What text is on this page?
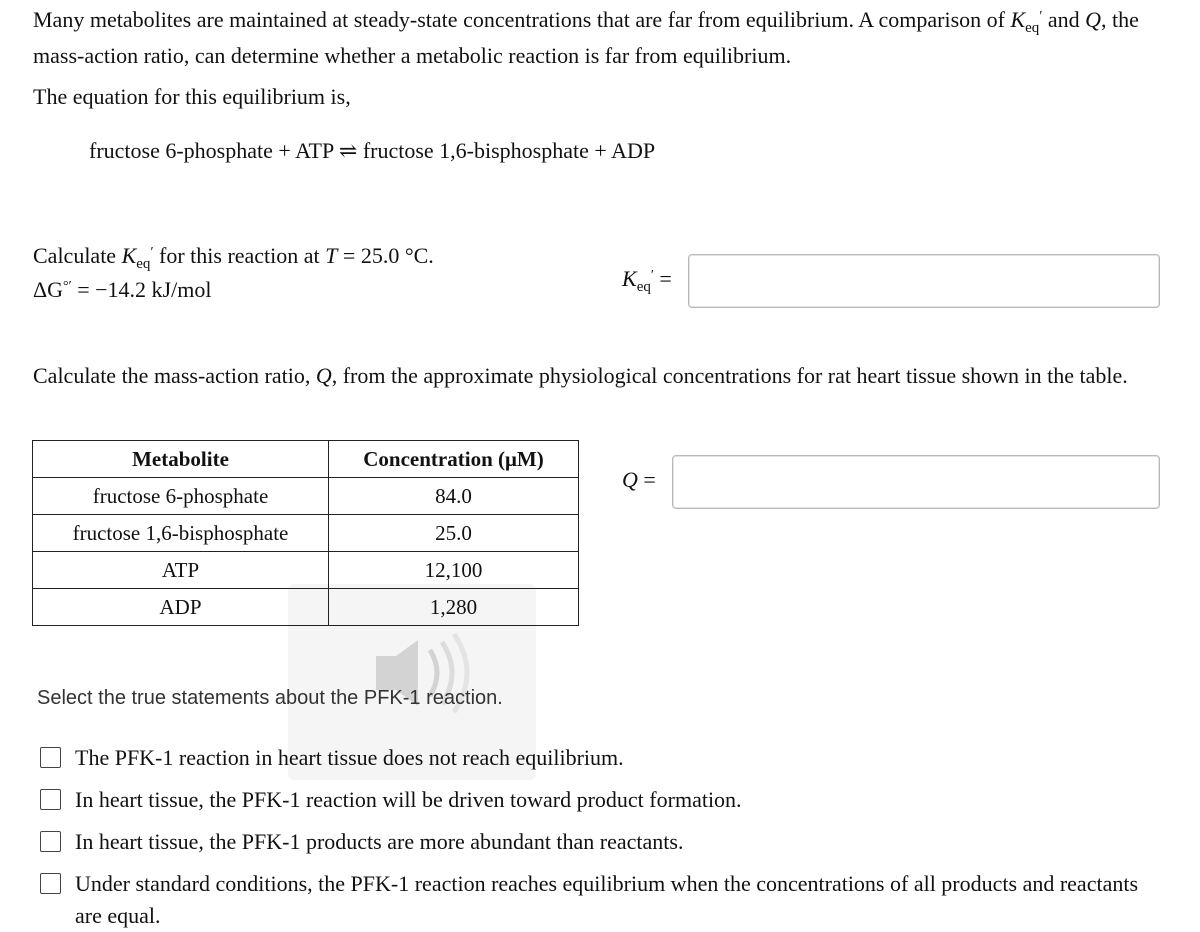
Many metabolites are maintained at steady-state concentrations that are far from equilibrium. A comparison of $K_{eq}'$ and Q, the mass-action ratio, can determine whether a metabolic reaction is far from equilibrium.
The equation for this equilibrium is,
fructose 6-phosphate + ATP ⇌ fructose 1,6-bisphosphate + ADP
Calculate $K_{eq}'$ for this reaction at T = 25.0 °C.
ΔG°′ = −14.2 kJ/mol	$K_{eq}'$ =
Calculate the mass-action ratio, Q, from the approximate physiological concentrations for rat heart tissue shown in the table.
Metabolite	Concentration (μM)
fructose 6-phosphate	84.0
fructose 1,6-bisphosphate	25.0
ATP	12,100
ADP	1,280
Q =
Select the true statements about the PFK-1 reaction.
The PFK-1 reaction in heart tissue does not reach equilibrium.
In heart tissue, the PFK-1 reaction will be driven toward product formation.
In heart tissue, the PFK-1 products are more abundant than reactants.
Under standard conditions, the PFK-1 reaction reaches equilibrium when the concentrations of all products and reactants are equal.
